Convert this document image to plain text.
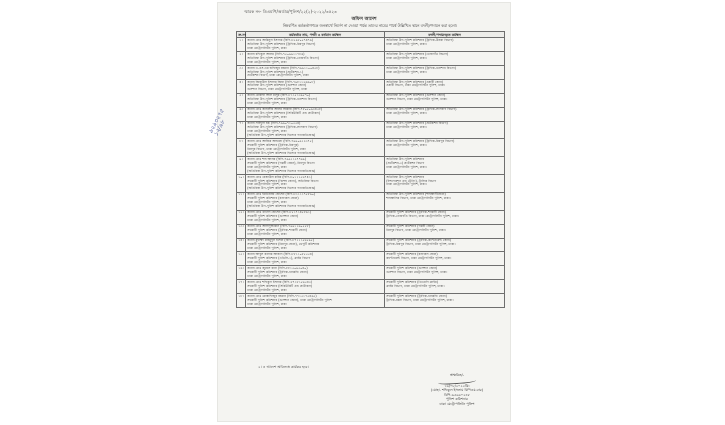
স্মারক নং- ডিএমপি/অর্ডার/পুলিশ/২২(২)-২০২২/৩৫২৩
অফিস আদেশ
নিম্নবর্ণিত কর্মকর্তাগণকে জনস্বার্থে নির্দেশ না দেওয়া পর্যন্ত তাদের নামের পার্শ্বে উল্লিখিত স্থানে বদলী/পদায়ন করা হলো।
৯২৯৩২৭৫ ১২/৯৮
ক্র.নং	কর্মকর্তার নাম, পদবী ও বর্তমান কর্মস্থল	বদলী/পদায়নকৃত কর্মস্থল
১।	জনাব মোঃ আমিনুল ইসলাম (বিপি-৮৫৯৮০৫৭৪৭৬)
অতিরিক্ত উপ-পুলিশ কমিশনার (ট্রাফিক-মিরপুর বিভাগ)
ঢাকা মেট্রোপলিটন পুলিশ, ঢাকা	অতিরিক্ত উপ-পুলিশ কমিশনার (ট্রাফিক-উত্তরা বিভাগ)
ঢাকা মেট্রোপলিটন পুলিশ, ঢাকা।

২।	জনাব রফিকুল আলম (বিপি-৭৫০৯৯১১৭৮৬)
অতিরিক্ত উপ-পুলিশ কমিশনার (ট্রাফিক-তেজগাঁও বিভাগ)
ঢাকা মেট্রোপলিটন পুলিশ, ঢাকা	অতিরিক্ত উপ-পুলিশ কমিশনার (তেজগাঁও বিভাগ)
ঢাকা মেট্রোপলিটন পুলিশ, ঢাকা।

৩।	জনাব এ.এস.এম হাফিজুর রহমান (বিপি-৭৯৯১১০০৪৫৮)
অতিরিক্ত উপ-পুলিশ কমিশনার (প্রটেকশন-১)
প্রটেকশন বিভাগ, ঢাকা মেট্রোপলিটন পুলিশ, ঢাকা	অতিরিক্ত উপ-পুলিশ কমিশনার (ট্রাফিক-গুলশান বিভাগ)
ঢাকা মেট্রোপলিটন পুলিশ, ঢাকা।

৪।	জনাব জিয়াউল ইসলাম জিয়া (বিপি-৭৯৮১১২৬৬০৮)
অতিরিক্ত উপ-পুলিশ কমিশনার (গুলশান জোন)
গুলশান বিভাগ, ঢাকা মেট্রোপলিটন পুলিশ, ঢাকা	অতিরিক্ত উপ-পুলিশ কমিশনার (ওয়ারী জোন)
ওয়ারী বিভাগ, ঢাকা মেট্রোপলিটন পুলিশ, ঢাকা।

৫।	জনাব মোস্তফা আল মাসুম (বিপি-৮১১৫১৩৯৫৭০)
অতিরিক্ত উপ-পুলিশ কমিশনার (ট্রাফিক-গুলশান বিভাগ)
ঢাকা মেট্রোপলিটন পুলিশ, ঢাকা	অতিরিক্ত উপ-পুলিশ কমিশনার (গুলশান জোন)
গুলশান বিভাগ, ঢাকা মেট্রোপলিটন পুলিশ, ঢাকা।

৬।	জনাব মোঃ জাহাঙ্গীর আলম সরকার (বিপি-৭৮০৫০৯৩৪৫৮)
অতিরিক্ত উপ-পুলিশ কমিশনার (সিকিউরিটি এন্ড প্রটোকল)
ঢাকা মেট্রোপলিটন পুলিশ, ঢাকা	অতিরিক্ত উপ-পুলিশ কমিশনার (ট্রাফিক-লালবাগ বিভাগ)
ঢাকা মেট্রোপলিটন পুলিশ, ঢাকা।

৭।	জনাব সাইফুল হক (বিপি-৭৯৯০৭১০৫৫৪)
অতিরিক্ত উপ-পুলিশ কমিশনার (ট্রাফিক-লালবাগ বিভাগ)
ঢাকা মেট্রোপলিটন পুলিশ, ঢাকা
(অতিরিক্ত উপ-পুলিশ কমিশনার হিসেবে পদোন্নতিপ্রাপ্ত)	অতিরিক্ত উপ-পুলিশ কমিশনার (প্রটেকশন বিভাগ)
ঢাকা মেট্রোপলিটন পুলিশ, ঢাকা।

৮।	জনাব মোঃ আজিম আহমেদ (বিপি-৭৯৯০৯১২৩৭৫)
সহকারী পুলিশ কমিশনার (ট্রাফিক-মিরপুর)
মিরপুর বিভাগ, ঢাকা মেট্রোপলিটন পুলিশ, ঢাকা
(অতিরিক্ত উপ-পুলিশ কমিশনার হিসেবে পদোন্নতিপ্রাপ্ত)	অতিরিক্ত উপ-পুলিশ কমিশনার (ট্রাফিক-মিরপুর বিভাগ)
ঢাকা মেট্রোপলিটন পুলিশ, ঢাকা।

৯।	জনাব মোঃ শাহ আলম (বিপি-৭৯৯১১২৭৭৬৯)
সহকারী পুলিশ কমিশনার (পল্লবী জোন), মিরপুর বিভাগ
ঢাকা মেট্রোপলিটন পুলিশ, ঢাকা
(অতিরিক্ত উপ-পুলিশ কমিশনার হিসেবে পদোন্নতিপ্রাপ্ত)	অতিরিক্ত উপ-পুলিশ কমিশনার
(প্রটেকশন-২) প্রটেকশন বিভাগ
ঢাকা মেট্রোপলিটন পুলিশ, ঢাকা।

১০।	জনাব মোঃ রেজাউল করিম (বিপি-৮০১১১৫৬৭৪১)
সহকারী পুলিশ কমিশনার (বিশেষ জোন), অতিরিক্ত বিভাগ
ঢাকা মেট্রোপলিটন পুলিশ, ঢাকা
(অতিরিক্ত উপ-পুলিশ কমিশনার হিসেবে পদোন্নতিপ্রাপ্ত)	অতিরিক্ত উপ-পুলিশ কমিশনার
(ইন্সপেকশন এন্ড ট্রেনিং), ট্রাফিক বিভাগ
ঢাকা মেট্রোপলিটন পুলিশ, ঢাকা।

১১।	জনাব মোঃ ইমতিয়াজ হোসেন (বিপি-৮৩১১১৭৫৮৯০)
সহকারী পুলিশ কমিশনার (কাফরুল জোন)
ঢাকা মেট্রোপলিটন পুলিশ, ঢাকা
(অতিরিক্ত উপ-পুলিশ কমিশনার হিসেবে পদোন্নতিপ্রাপ্ত)	অতিরিক্ত উপ-পুলিশ কমিশনার (শাহআলীজোন)
শাহআলিম বিভাগ, ঢাকা মেট্রোপলিটন পুলিশ, ঢাকা।

১২।	জনাব মোঃ খালেদ হোসেন (বিপি-৮৫১৭১৪৫৮৬১)
সহকারী পুলিশ কমিশনার (গুলশান জোন)
ঢাকা মেট্রোপলিটন পুলিশ, ঢাকা	সহকারী পুলিশ কমিশনার (ট্রাফিক-শ্যামলী জোন)
ট্রাফিক-তেজগাঁও বিভাগ, ঢাকা মেট্রোপলিটন পুলিশ, ঢাকা।

১৩।	জনাব মোঃ আসাদুজ্জামান (বিপি-৭৯৯১১৬০৫৫৮)
সহকারী পুলিশ কমিশনার (ট্রাফিক-শ্যামলী জোন)
ঢাকা মেট্রোপলিটন পুলিশ, ঢাকা	সহকারী পুলিশ কমিশনার (পল্লবী জোন)
মিরপুর বিভাগ, ঢাকা মেট্রোপলিটন পুলিশ, ঢাকা।

১৪।	জনাব মুহাম্মদ মাহমুদুল হাসান (বিপি-৮৭১১১৫৬৫৯৫)
সহকারী পুলিশ কমিশনার (মিরপুর জোন), ডেপুটি কমিশনার
ঢাকা মেট্রোপলিটন পুলিশ, ঢাকা	সহকারী পুলিশ কমিশনার (ট্রাফিক-ক্যান্টনমেন্ট জোন)
ট্রাফিক-মিরপুর বিভাগ, ঢাকা মেট্রোপলিটন পুলিশ, ঢাকা।

১৫।	জনাব আবুল কালাম আজাদ (বিপি-৮৮১১০৮৫৫৫৪)
সহকারী পুলিশ কমিশনার (এডিসি-১), ক্রাইম বিভাগ
ঢাকা মেট্রোপলিটন পুলিশ, ঢাকা	সহকারী পুলিশ কমিশনার (কাফরুল জোন)
ক্যান্টনমেন্ট বিভাগ, ঢাকা মেট্রোপলিটন পুলিশ, ঢাকা।

১৬।	জনাব মোঃ জুয়েল রানা (বিপি-৮৮১৫০৯৫০৪০)
সহকারী পুলিশ কমিশনার (ট্রাফিক-ধানমন্ডি জোন)
ঢাকা মেট্রোপলিটন পুলিশ, ঢাকা	সহকারী পুলিশ কমিশনার (গুলশান জোন)
গুলশান বিভাগ, ঢাকা মেট্রোপলিটন পুলিশ, ঢাকা।

১৭।	জনাব মোঃ শফিকুল ইসলাম (বিপি-৮৭১৮১৫৬৫৪২)
সহকারী পুলিশ কমিশনার (সিকিউরিটি এন্ড প্রটোকল)
ঢাকা মেট্রোপলিটন পুলিশ, ঢাকা	সহকারী পুলিশ কমিশনার (ডিএমপি ক্রাইম)
ক্রাইম বিভাগ, ঢাকা মেট্রোপলিটন পুলিশ, ঢাকা।

১৮।	জনাব মোঃ মোস্তাফিজুর রহমান (বিপি-৭৭১৫১৭৫৪৬৫)
সহকারী পুলিশ কমিশনার (গুলশান জোন), ঢাকা মেট্রোপলিটন পুলিশ
ঢাকা মেট্রোপলিটন পুলিশ, ঢাকা	সহকারী পুলিশ কমিশনার (ট্রাফিক-ধানমন্ডি জোন)
ট্রাফিক-রমনা বিভাগ, ঢাকা মেট্রোপলিটন পুলিশ, ঢাকা।
২। এ আদেশ অবিলম্বে কার্যকর হবে।
স্বাক্ষরিত/-
১৬/০৮/২০২২খ্রি:
(মোহা. শফিকুল ইসলাম বিপিএম-বার)
বিপি-৬৫৯৬০২৪৮
পুলিশ কমিশনার
ঢাকা মেট্রোপলিটন পুলিশ
